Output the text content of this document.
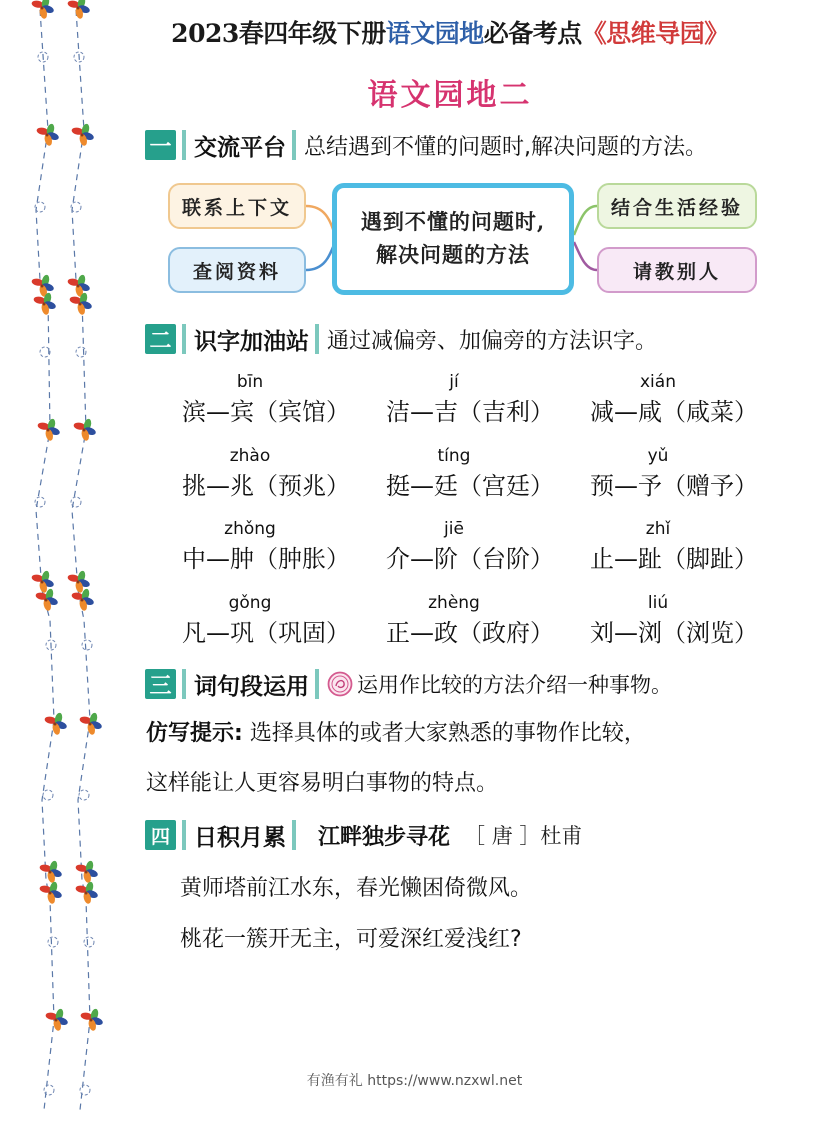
2023春四年级下册语文园地必备考点《思维导园》
语文园地二
一 交流平台 总结遇到不懂的问题时,解决问题的方法。
联系上下文
查阅资料
遇到不懂的问题时,
解决问题的方法
结合生活经验
请教别人
二 识字加油站 通过减偏旁、加偏旁的方法识字。
bīn
滨—宾（宾馆）
jí
洁—吉（吉利）
xián
减—咸（咸菜）
zhào
挑—兆（预兆）
tíng
挺—廷（宫廷）
yǔ
预—予（赠予）
zhǒng
中—肿（肿胀）
jiē
介—阶（台阶）
zhǐ
止—趾（脚趾）
gǒng
凡—巩（巩固）
zhèng
正—政（政府）
liú
刘—浏（浏览）
三 词句段运用 运用作比较的方法介绍一种事物。
仿写提示: 选择具体的或者大家熟悉的事物作比较，
这样能让人更容易明白事物的特点。
四 日积月累 江畔独步寻花 ［ 唐 ］杜甫
黄师塔前江水东，春光懒困倚微风。
桃花一簇开无主，可爱深红爱浅红?
有渔有礼 https://www.nzxwl.net
